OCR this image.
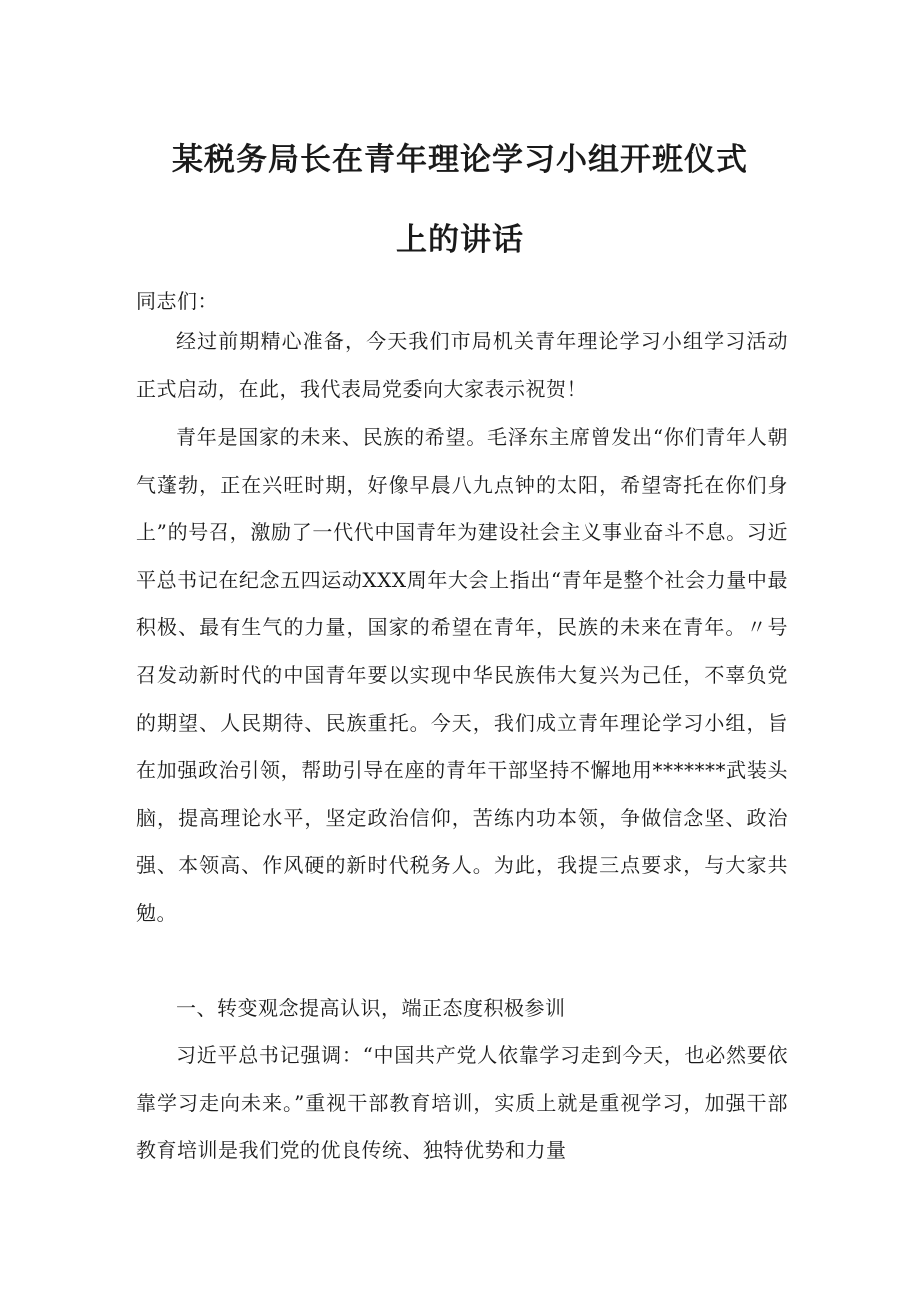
某税务局长在青年理论学习小组开班仪式
上的讲话
同志们：

经过前期精心准备，今天我们市局机关青年理论学习小组学习活动正式启动，在此，我代表局党委向大家表示祝贺！

青年是国家的未来、民族的希望。毛泽东主席曾发出“你们青年人朝气蓬勃，正在兴旺时期，好像早晨八九点钟的太阳，希望寄托在你们身上”的号召，激励了一代代中国青年为建设社会主义事业奋斗不息。习近平总书记在纪念五四运动XXX周年大会上指出“青年是整个社会力量中最积极、最有生气的力量，国家的希望在青年，民族的未来在青年。〃号召发动新时代的中国青年要以实现中华民族伟大复兴为己任，不辜负党的期望、人民期待、民族重托。今天，我们成立青年理论学习小组，旨在加强政治引领，帮助引导在座的青年干部坚持不懈地用*******武装头脑，提高理论水平，坚定政治信仰，苦练内功本领，争做信念坚、政治强、本领高、作风硬的新时代税务人。为此，我提三点要求，与大家共勉。

一、转变观念提高认识，端正态度积极参训

习近平总书记强调：“中国共产党人依靠学习走到今天，也必然要依靠学习走向未来。”重视干部教育培训，实质上就是重视学习，加强干部教育培训是我们党的优良传统、独特优势和力量
